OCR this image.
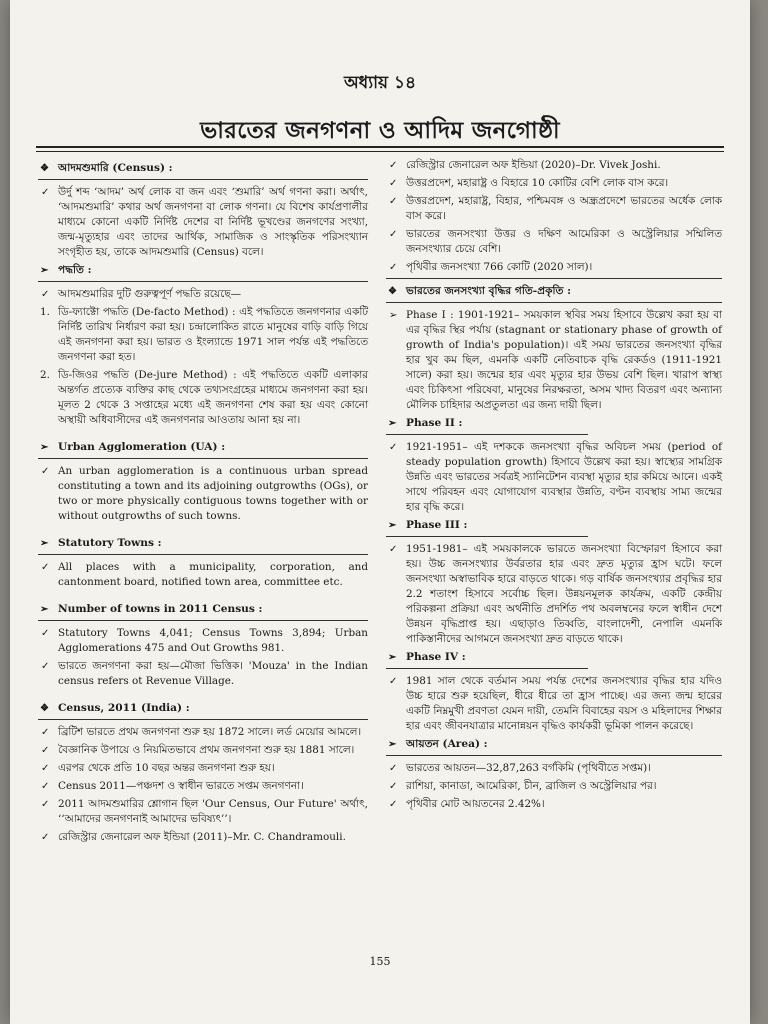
অধ্যায় ১৪
ভারতের জনগণনা ও আদিম জনগোষ্ঠী
❖ আদমশুমারি (Census) :
✓ উর্দু শব্দ ‘আদম’ অর্থ লোক বা জন এবং ‘শুমারি’ অর্থ গণনা করা। অর্থাৎ, ‘আদমশুমারি’ কথার অর্থ জনগণনা বা লোক গণনা। যে বিশেষ কার্যপ্রণালীর মাধ্যমে কোনো একটি নির্দিষ্ট দেশের বা নির্দিষ্ট ভূখণ্ডের জনগণের সংখ্যা, জন্ম-মৃত্যুহার এবং তাদের আর্থিক, সামাজিক ও সাংস্কৃতিক পরিসংখ্যান সংগৃহীত হয়, তাকে আদমশুমারি (Census) বলে।
➢ পদ্ধতি :
✓ আদমশুমারির দুটি গুরুত্বপূর্ণ পদ্ধতি রয়েছে—
1. ডি-ফ্যাক্টো পদ্ধতি (De-facto Method) : এই পদ্ধতিতে জনগণনার একটি নির্দিষ্ট তারিখ নির্ধারণ করা হয়। চন্দ্রালোকিত রাতে মানুষের বাড়ি বাড়ি গিয়ে এই জনগণনা করা হয়। ভারত ও ইংল্যান্ডে 1971 সাল পর্যন্ত এই পদ্ধতিতে জনগণনা করা হত।
2. ডি-জিওর পদ্ধতি (De-jure Method) : এই পদ্ধতিতে একটি এলাকার অন্তর্গত প্রত্যেক ব্যক্তির কাছ থেকে তথ্যসংগ্রহের মাধ্যমে জনগণনা করা হয়। মূলত 2 থেকে 3 সপ্তাহের মধ্যে এই জনগণনা শেষ করা হয় এবং কোনো অস্থায়ী অধিবাসীদের এই জনগণনার আওতায় আনা হয় না।
➢ Urban Agglomeration (UA) :
✓ An urban agglomeration is a continuous urban spread constituting a town and its adjoining outgrowths (OGs), or two or more physically contiguous towns together with or without outgrowths of such towns.
➢ Statutory Towns :
✓ All places with a municipality, corporation, and cantonment board, notified town area, committee etc.
➢ Number of towns in 2011 Census :
✓ Statutory Towns 4,041; Census Towns 3,894; Urban Agglomerations 475 and Out Growths 981.
✓ ভারতে জনগণনা করা হয়—মৌজা ভিত্তিক। 'Mouza' in the Indian census refers ot Revenue Village.
❖ Census, 2011 (India) :
✓ ব্রিটিশ ভারতে প্রথম জনগণনা শুরু হয় 1872 সালে। লর্ড মেয়োর আমলে।
✓ বৈজ্ঞানিক উপায়ে ও নিয়মিতভাবে প্রথম জনগণনা শুরু হয় 1881 সালে।
✓ এরপর থেকে প্রতি 10 বছর অন্তর জনগণনা শুরু হয়।
✓ Census 2011—পঞ্চদশ ও স্বাধীন ভারতে সপ্তম জনগণনা।
✓ 2011 আদমশুমারির শ্লোগান ছিল 'Our Census, Our Future' অর্থাৎ, ‘‘আমাদের জনগণনাই আমাদের ভবিষ্যৎ’’।
✓ রেজিস্ট্রার জেনারেল অফ ইন্ডিয়া (2011)–Mr. C. Chandramouli.
✓ রেজিস্ট্রার জেনারেল অফ ইন্ডিয়া (2020)–Dr. Vivek Joshi.
✓ উত্তরপ্রদেশ, মহারাষ্ট্র ও বিহারে 10 কোটির বেশি লোক বাস করে।
✓ উত্তরপ্রদেশ, মহারাষ্ট্র, বিহার, পশ্চিমবঙ্গ ও অন্ধ্রপ্রদেশে ভারতের অর্ধেক লোক বাস করে।
✓ ভারতের জনসংখ্যা উত্তর ও দক্ষিণ আমেরিকা ও অস্ট্রেলিয়ার সম্মিলিত জনসংখ্যার চেয়ে বেশি।
✓ পৃথিবীর জনসংখ্যা 766 কোটি (2020 সাল)।
❖ ভারতের জনসংখ্যা বৃদ্ধির গতি-প্রকৃতি :
➢ Phase I : 1901-1921– সময়কাল স্থবির সময় হিসাবে উল্লেখ করা হয় বা এর বৃদ্ধির স্থির পর্যায় (stagnant or stationary phase of growth of growth of India's population)। এই সময় ভারতের জনসংখ্যা বৃদ্ধির হার খুব কম ছিল, এমনকি একটি নেতিবাচক বৃদ্ধি রেকর্ডও (1911-1921 সালে) করা হয়। জন্মের হার এবং মৃত্যুর হার উভয় বেশি ছিল। খারাপ স্বাস্থ্য এবং চিকিৎসা পরিষেবা, মানুষের নিরক্ষরতা, অসম খাদ্য বিতরণ এবং অন্যান্য মৌলিক চাহিদার অপ্রতুলতা এর জন্য দায়ী ছিল।
➢ Phase II :
✓ 1921-1951– এই দশককে জনসংখ্যা বৃদ্ধির অবিচল সময় (period of steady population growth) হিসাবে উল্লেখ করা হয়। স্বাস্থ্যের সামগ্রিক উন্নতি এবং ভারতের সর্বত্রই স্যানিটেশন ব্যবস্থা মৃত্যুর হার কমিয়ে আনে। একই সাথে পরিবহন এবং যোগাযোগ ব্যবস্থার উন্নতি, বণ্টন ব্যবস্থায় সাম্য জন্মের হার বৃদ্ধি করে।
➢ Phase III :
✓ 1951-1981– এই সময়কালকে ভারতে জনসংখ্যা বিস্ফোরণ হিসাবে করা হয়। উচ্চ জনসংখ্যার উর্বরতার হার এবং দ্রুত মৃত্যুর হ্রাস ঘটে। ফলে জনসংখ্যা অস্বাভাবিক হারে বাড়তে থাকে। গড় বার্ষিক জনসংখ্যার প্রবৃদ্ধির হার 2.2 শতাংশ হিসাবে সর্বোচ্চ ছিল। উন্নয়নমূলক কার্যক্রম, একটি কেন্দ্রীয় পরিকল্পনা প্রক্রিয়া এবং অর্থনীতি প্রদর্শিত পথ অবলম্বনের ফলে স্বাধীন দেশে উন্নয়ন বৃদ্ধিপ্রাপ্ত হয়। এছাড়াও তিব্বতি, বাংলাদেশী, নেপালি এমনকি পাকিস্তানীদের আগমনে জনসংখ্যা দ্রুত বাড়তে থাকে।
➢ Phase IV :
✓ 1981 সাল থেকে বর্তমান সময় পর্যন্ত দেশের জনসংখ্যার বৃদ্ধির হার যদিও উচ্চ হারে শুরু হয়েছিল, ধীরে ধীরে তা হ্রাস পাচ্ছে। এর জন্য জন্ম হারের একটি নিম্নমুখী প্রবণতা যেমন দায়ী, তেমনি বিবাহের বয়স ও মহিলাদের শিক্ষার হার এবং জীবনযাত্রার মানোন্নয়ন বৃদ্ধিও কার্যকরী ভূমিকা পালন করেছে।
➢ আয়তন (Area) :
✓ ভারতের আয়তন—32,87,263 বর্গকিমি (পৃথিবীতে সপ্তম)।
✓ রাশিয়া, কানাডা, আমেরিকা, চীন, ব্রাজিল ও অস্ট্রেলিয়ার পর।
✓ পৃথিবীর মোট আয়তনের 2.42%।
155
